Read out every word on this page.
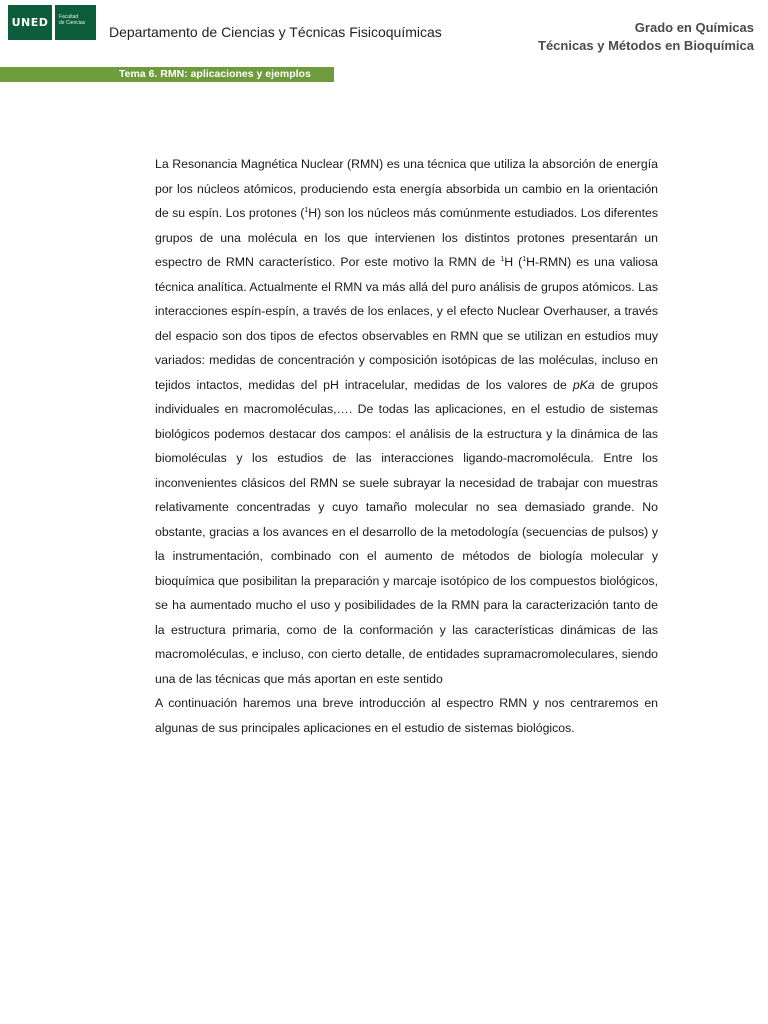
UNED	Facultad
de Ciencias
Departamento de Ciencias y Técnicas Fisicoquímicas	Grado en Químicas
Técnicas y Métodos en Bioquímica
Tema 6. RMN: aplicaciones y ejemplos

La Resonancia Magnética Nuclear (RMN) es una técnica que utiliza la absorción de energía por los núcleos atómicos, produciendo esta energía absorbida un cambio en la orientación de su espín. Los protones ($^1$H) son los núcleos más comúnmente estudiados. Los diferentes grupos de una molécula en los que intervienen los distintos protones presentarán un espectro de RMN característico. Por este motivo la RMN de $^1$H ($^1$H-RMN) es una valiosa técnica analítica. Actualmente el RMN va más allá del puro análisis de grupos atómicos. Las interacciones espín-espín, a través de los enlaces, y el efecto Nuclear Overhauser, a través del espacio son dos tipos de efectos observables en RMN que se utilizan en estudios muy variados: medidas de concentración y composición isotópicas de las moléculas, incluso en tejidos intactos, medidas del pH intracelular, medidas de los valores de pKa de grupos individuales en macromoléculas,…. De todas las aplicaciones, en el estudio de sistemas biológicos podemos destacar dos campos: el análisis de la estructura y la dinámica de las biomoléculas y los estudios de las interacciones ligando-macromolécula. Entre los inconvenientes clásicos del RMN se suele subrayar la necesidad de trabajar con muestras relativamente concentradas y cuyo tamaño molecular no sea demasiado grande. No obstante, gracias a los avances en el desarrollo de la metodología (secuencias de pulsos) y la instrumentación, combinado con el aumento de métodos de biología molecular y bioquímica que posibilitan la preparación y marcaje isotópico de los compuestos biológicos, se ha aumentado mucho el uso y posibilidades de la RMN para la caracterización tanto de la estructura primaria, como de la conformación y las características dinámicas de las macromoléculas, e incluso, con cierto detalle, de entidades supramacromoleculares, siendo una de las técnicas que más aportan en este sentido

A continuación haremos una breve introducción al espectro RMN y nos centraremos en algunas de sus principales aplicaciones en el estudio de sistemas biológicos.
